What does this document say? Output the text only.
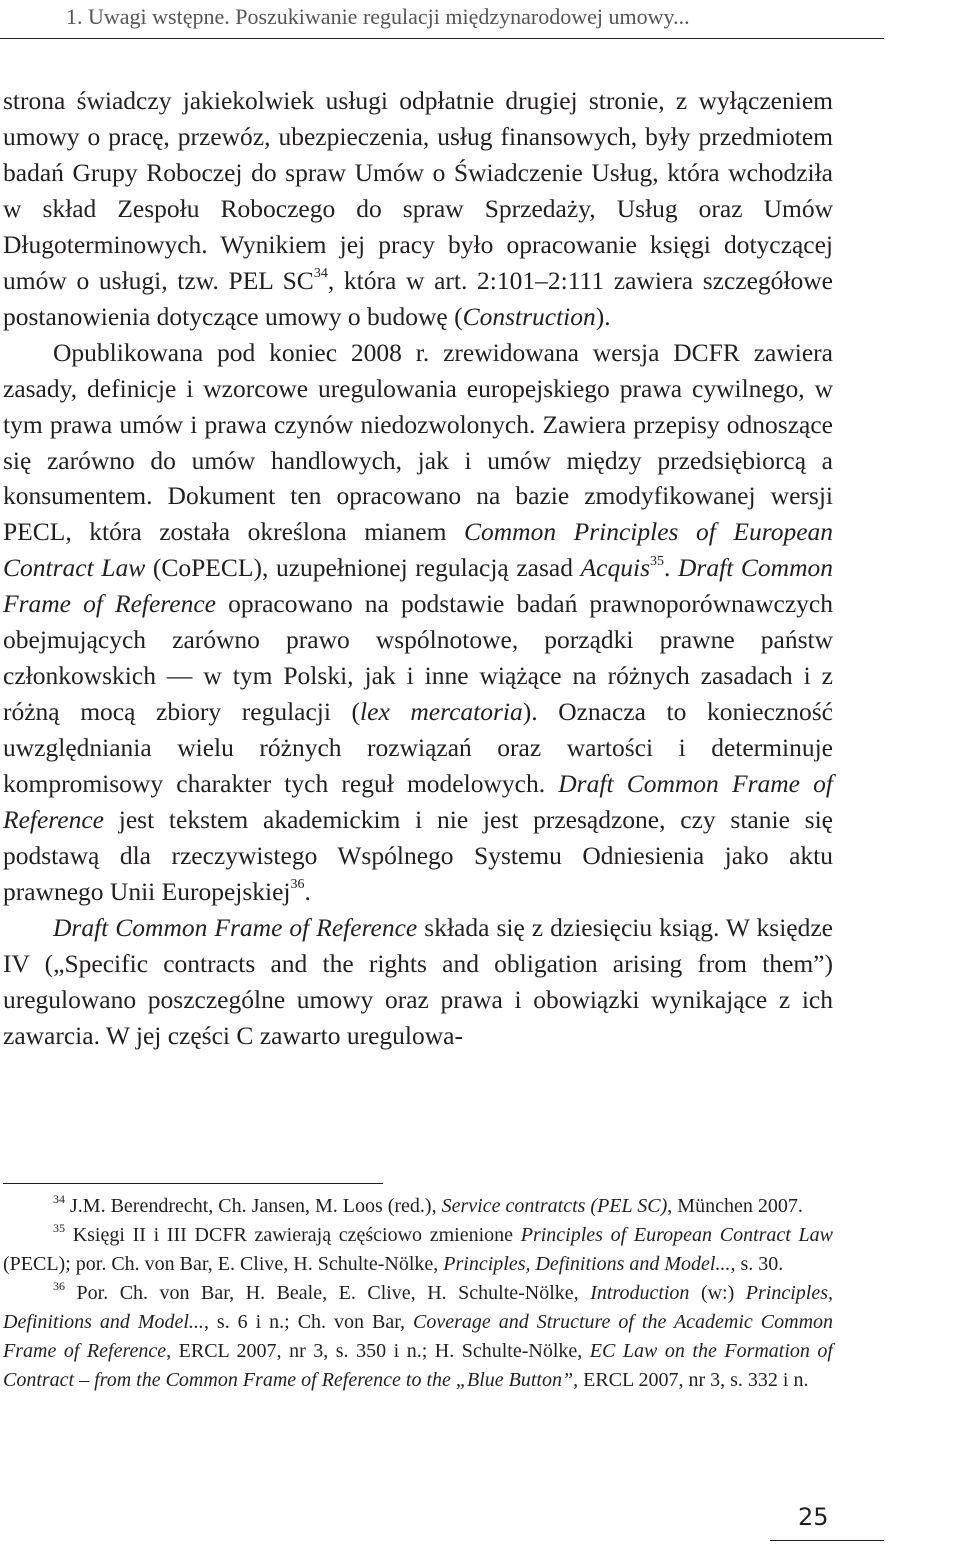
1. Uwagi wstępne. Poszukiwanie regulacji międzynarodowej umowy...

strona świadczy jakiekolwiek usługi odpłatnie drugiej stronie, z wyłączeniem umowy o pracę, przewóz, ubezpieczenia, usług finansowych, były przedmiotem badań Grupy Roboczej do spraw Umów o Świadczenie Usług, która wchodziła w skład Zespołu Roboczego do spraw Sprzedaży, Usług oraz Umów Długoterminowych. Wynikiem jej pracy było opracowanie księgi dotyczącej umów o usługi, tzw. PEL SC$^{34}$, która w art. 2:101–2:111 zawiera szczegółowe postanowienia dotyczące umowy o budowę (Construction).

Opublikowana pod koniec 2008 r. zrewidowana wersja DCFR zawiera zasady, definicje i wzorcowe uregulowania europejskiego prawa cywilnego, w tym prawa umów i prawa czynów niedozwolonych. Zawiera przepisy odnoszące się zarówno do umów handlowych, jak i umów między przedsiębiorcą a konsumentem. Dokument ten opracowano na bazie zmodyfikowanej wersji PECL, która została określona mianem Common Principles of European Contract Law (CoPECL), uzupełnionej regulacją zasad Acquis$^{35}$. Draft Common Frame of Reference opracowano na podstawie badań prawnoporównawczych obejmujących zarówno prawo wspólnotowe, porządki prawne państw członkowskich — w tym Polski, jak i inne wiążące na różnych zasadach i z różną mocą zbiory regulacji (lex mercatoria). Oznacza to konieczność uwzględniania wielu różnych rozwiązań oraz wartości i determinuje kompromisowy charakter tych reguł modelowych. Draft Common Frame of Reference jest tekstem akademickim i nie jest przesądzone, czy stanie się podstawą dla rzeczywistego Wspólnego Systemu Odniesienia jako aktu prawnego Unii Europejskiej$^{36}$.

Draft Common Frame of Reference składa się z dziesięciu ksiąg. W księdze IV („Specific contracts and the rights and obligation arising from them”) uregulowano poszczególne umowy oraz prawa i obowiązki wynikające z ich zawarcia. W jej części C zawarto uregulowa-

$^{34}$ J.M. Berendrecht, Ch. Jansen, M. Loos (red.), Service contratcts (PEL SC), München 2007.

$^{35}$ Księgi II i III DCFR zawierają częściowo zmienione Principles of European Contract Law (PECL); por. Ch. von Bar, E. Clive, H. Schulte-Nölke, Principles, Definitions and Model..., s. 30.

$^{36}$ Por. Ch. von Bar, H. Beale, E. Clive, H. Schulte-Nölke, Introduction (w:) Principles, Definitions and Model..., s. 6 i n.; Ch. von Bar, Coverage and Structure of the Academic Common Frame of Reference, ERCL 2007, nr 3, s. 350 i n.; H. Schulte-Nölke, EC Law on the Formation of Contract – from the Common Frame of Reference to the „Blue Button”, ERCL 2007, nr 3, s. 332 i n.

25
